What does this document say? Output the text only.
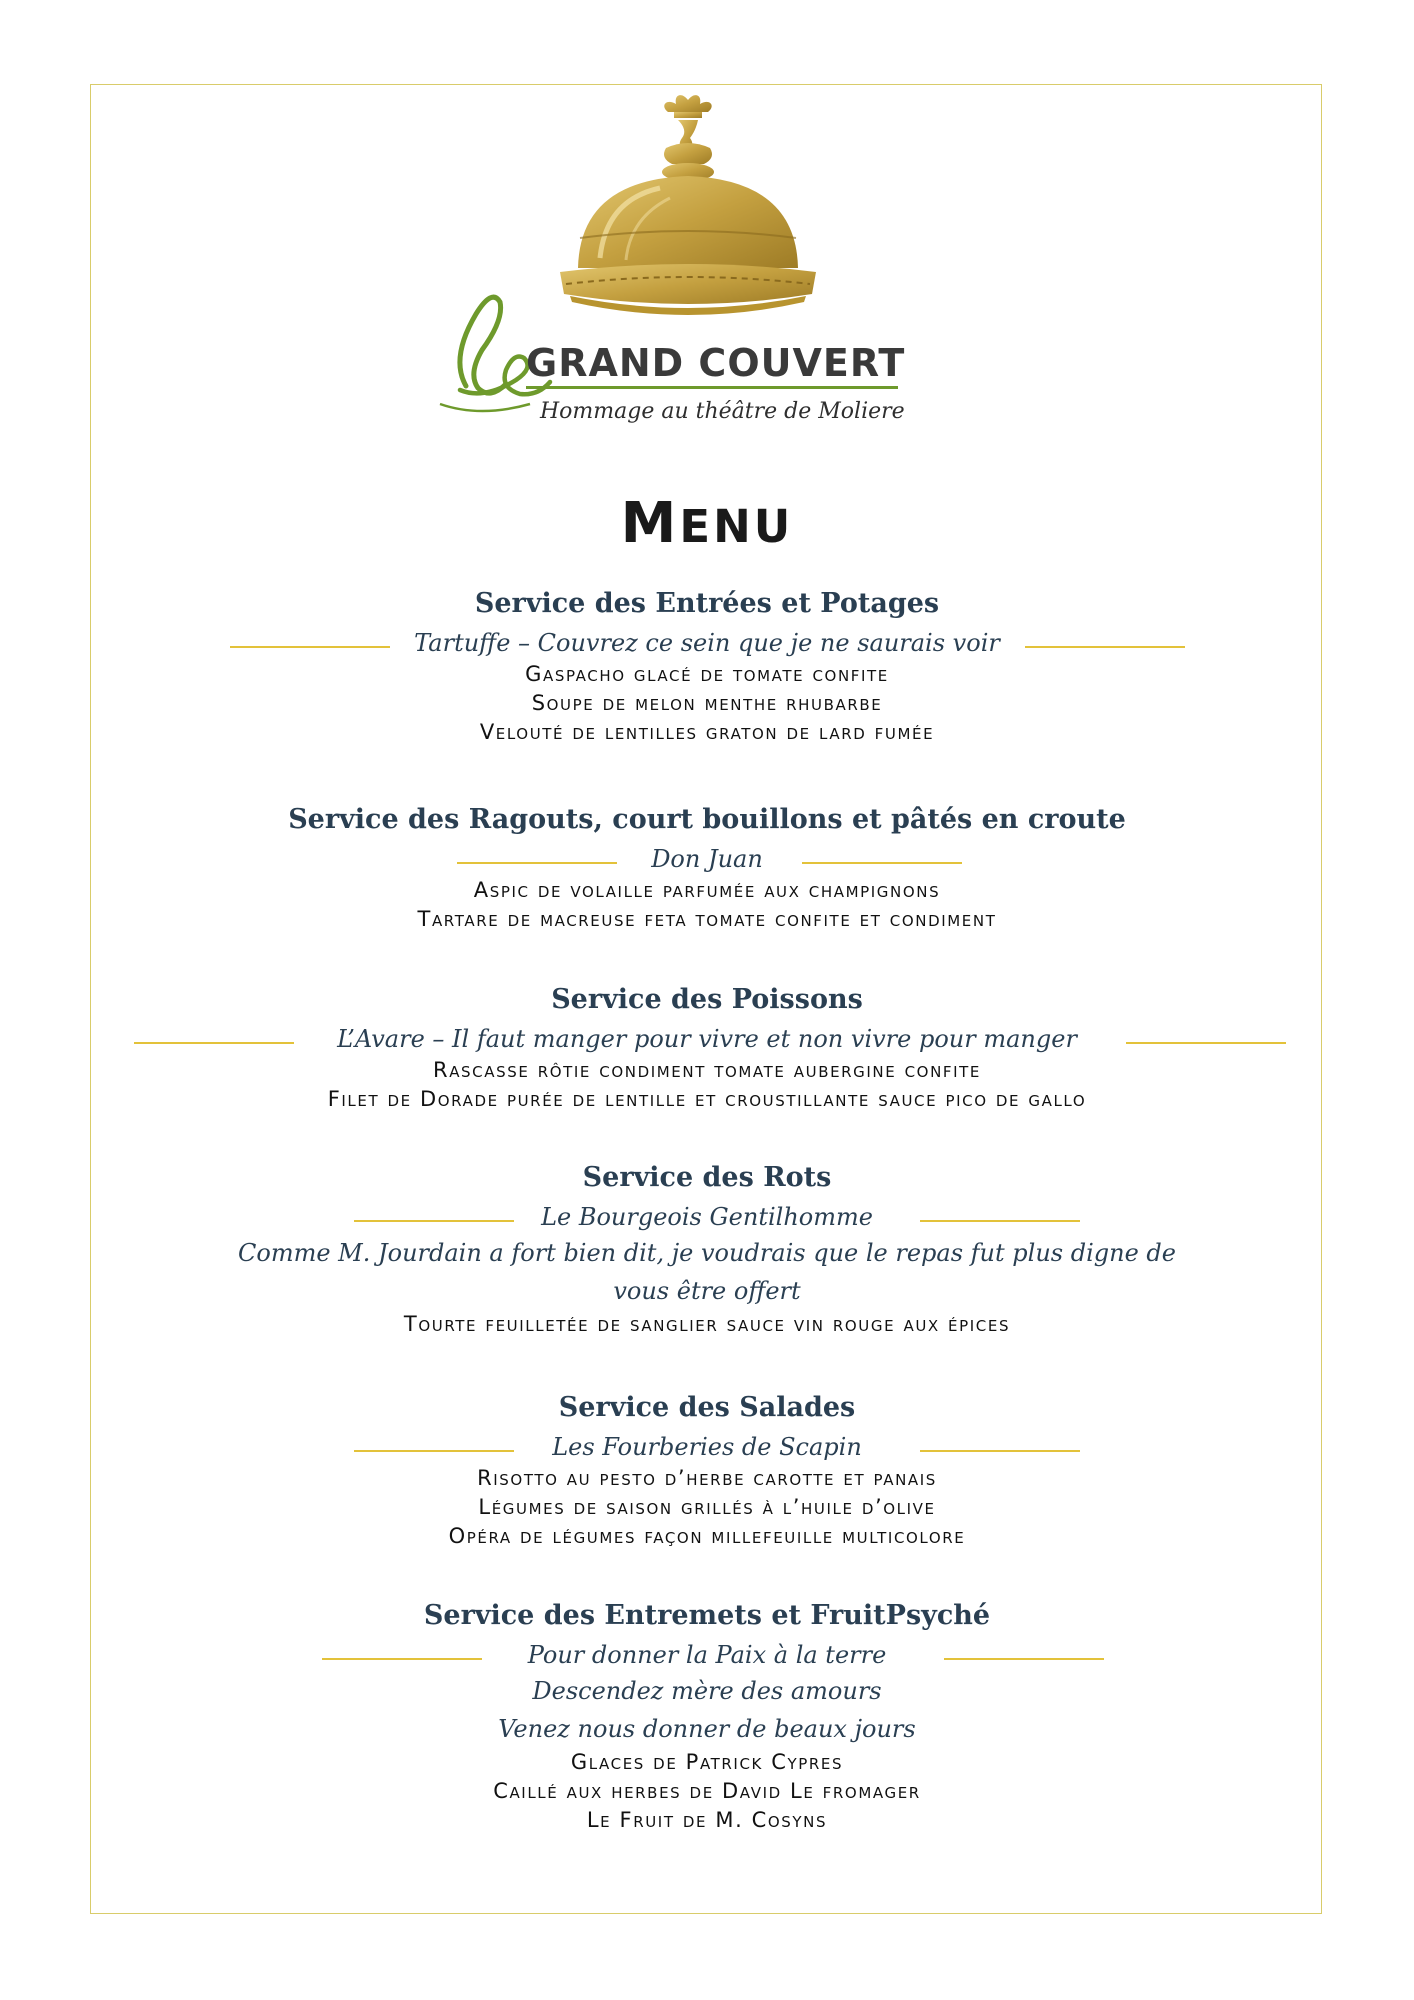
GRAND COUVERT
Hommage au théâtre de Moliere
MENU
Service des Entrées et Potages
Tartuffe – Couvrez ce sein que je ne saurais voir
Gaspacho glacé de tomate confite
Soupe de melon menthe rhubarbe
Velouté de lentilles graton de lard fumée
Service des Ragouts, court bouillons et pâtés en croute
Don Juan
Aspic de volaille parfumée aux champignons
Tartare de macreuse feta tomate confite et condiment
Service des Poissons
L’Avare – Il faut manger pour vivre et non vivre pour manger
Rascasse rôtie condiment tomate aubergine confite
Filet de Dorade purée de lentille et croustillante sauce pico de gallo
Service des Rots
Le Bourgeois Gentilhomme
Comme M. Jourdain a fort bien dit, je voudrais que le repas fut plus digne de
vous être offert
Tourte feuilletée de sanglier sauce vin rouge aux épices
Service des Salades
Les Fourberies de Scapin
Risotto au pesto d’herbe carotte et panais
Légumes de saison grillés à l’huile d’olive
Opéra de légumes façon millefeuille multicolore
Service des Entremets et FruitPsyché
Pour donner la Paix à la terre
Descendez mère des amours
Venez nous donner de beaux jours
Glaces de Patrick Cypres
Caillé aux herbes de David Le fromager
Le Fruit de M. Cosyns
